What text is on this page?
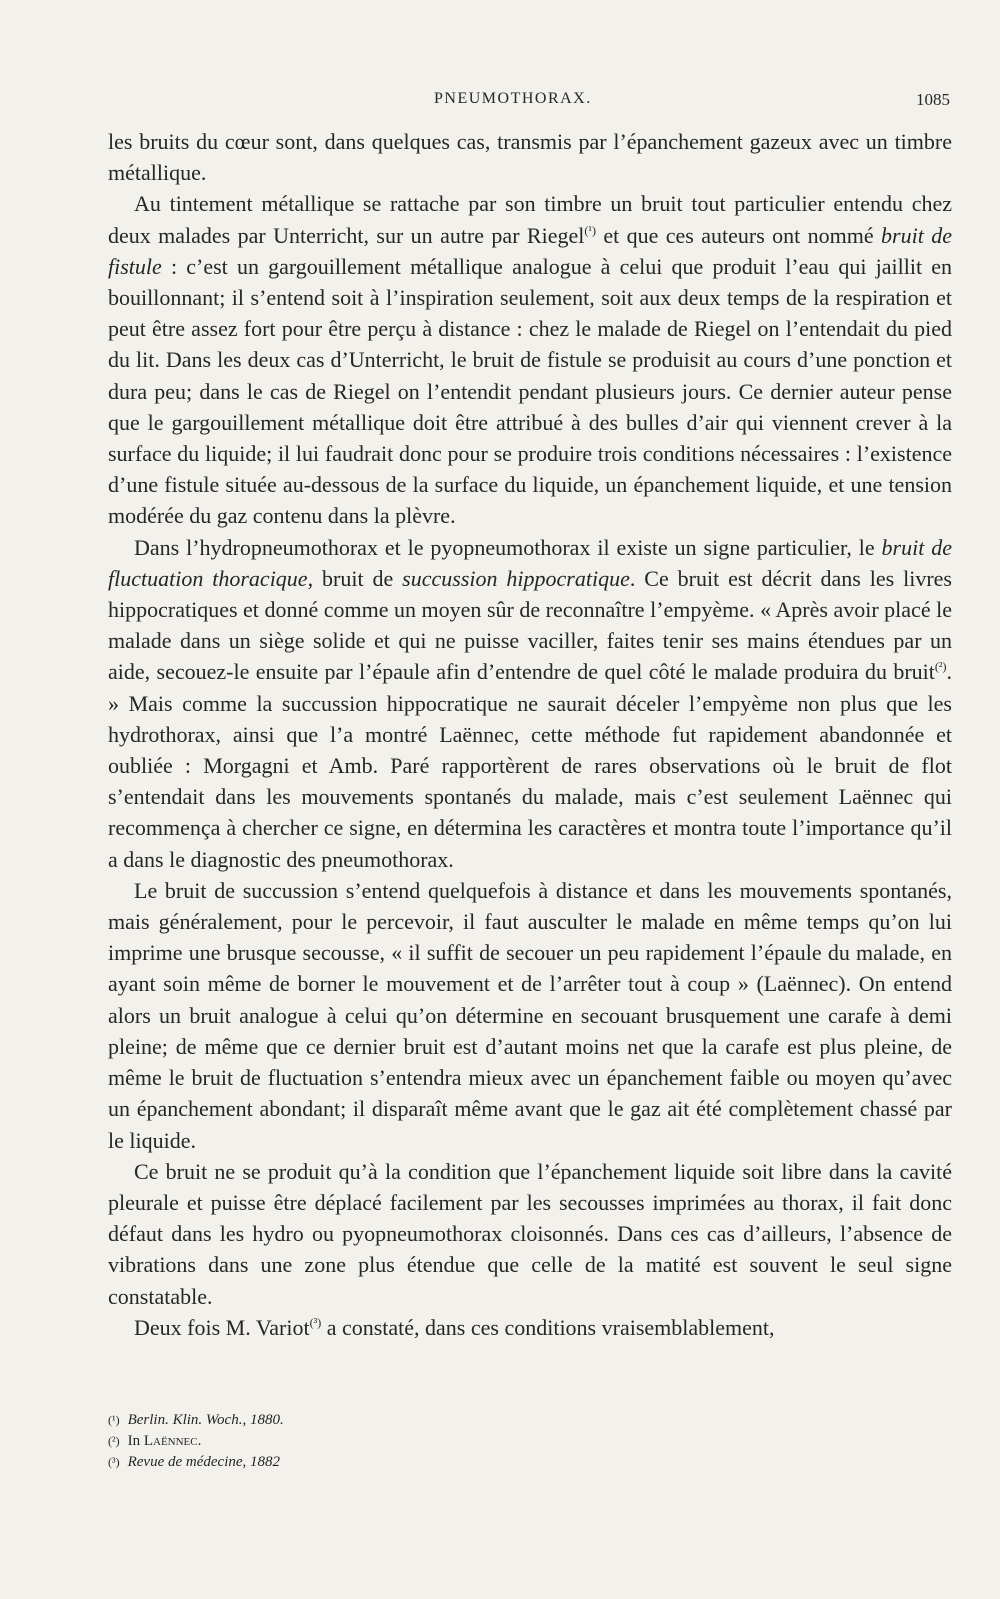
PNEUMOTHORAX.	1085

les bruits du cœur sont, dans quelques cas, transmis par l’épanchement gazeux avec un timbre métallique.

Au tintement métallique se rattache par son timbre un bruit tout particulier entendu chez deux malades par Unterricht, sur un autre par Riegel$^{(^1)}$ et que ces auteurs ont nommé bruit de fistule : c’est un gargouillement métallique analogue à celui que produit l’eau qui jaillit en bouillonnant; il s’entend soit à l’inspiration seulement, soit aux deux temps de la respiration et peut être assez fort pour être perçu à distance : chez le malade de Riegel on l’entendait du pied du lit. Dans les deux cas d’Unterricht, le bruit de fistule se produisit au cours d’une ponction et dura peu; dans le cas de Riegel on l’entendit pendant plusieurs jours. Ce dernier auteur pense que le gargouillement métallique doit être attribué à des bulles d’air qui viennent crever à la surface du liquide; il lui faudrait donc pour se produire trois conditions nécessaires : l’existence d’une fistule située au-dessous de la surface du liquide, un épanchement liquide, et une tension modérée du gaz contenu dans la plèvre.

Dans l’hydropneumothorax et le pyopneumothorax il existe un signe particulier, le bruit de fluctuation thoracique, bruit de succussion hippocratique. Ce bruit est décrit dans les livres hippocratiques et donné comme un moyen sûr de reconnaître l’empyème. « Après avoir placé le malade dans un siège solide et qui ne puisse vaciller, faites tenir ses mains étendues par un aide, secouez-le ensuite par l’épaule afin d’entendre de quel côté le malade produira du bruit$^{(^2)}$. » Mais comme la succussion hippocratique ne saurait déceler l’empyème non plus que les hydrothorax, ainsi que l’a montré Laënnec, cette méthode fut rapidement abandonnée et oubliée : Morgagni et Amb. Paré rapportèrent de rares observations où le bruit de flot s’entendait dans les mouvements spontanés du malade, mais c’est seulement Laënnec qui recommença à chercher ce signe, en détermina les caractères et montra toute l’importance qu’il a dans le diagnostic des pneumothorax.

Le bruit de succussion s’entend quelquefois à distance et dans les mouvements spontanés, mais généralement, pour le percevoir, il faut ausculter le malade en même temps qu’on lui imprime une brusque secousse, « il suffit de secouer un peu rapidement l’épaule du malade, en ayant soin même de borner le mouvement et de l’arrêter tout à coup » (Laënnec). On entend alors un bruit analogue à celui qu’on détermine en secouant brusquement une carafe à demi pleine; de même que ce dernier bruit est d’autant moins net que la carafe est plus pleine, de même le bruit de fluctuation s’entendra mieux avec un épanchement faible ou moyen qu’avec un épanchement abondant; il disparaît même avant que le gaz ait été complètement chassé par le liquide.

Ce bruit ne se produit qu’à la condition que l’épanchement liquide soit libre dans la cavité pleurale et puisse être déplacé facilement par les secousses imprimées au thorax, il fait donc défaut dans les hydro ou pyopneumothorax cloisonnés. Dans ces cas d’ailleurs, l’absence de vibrations dans une zone plus étendue que celle de la matité est souvent le seul signe constatable.

Deux fois M. Variot$^{(^3)}$ a constaté, dans ces conditions vraisemblablement,

(¹) Berlin. Klin. Woch., 1880.

(²) In Laënnec.

(³) Revue de médecine, 1882
